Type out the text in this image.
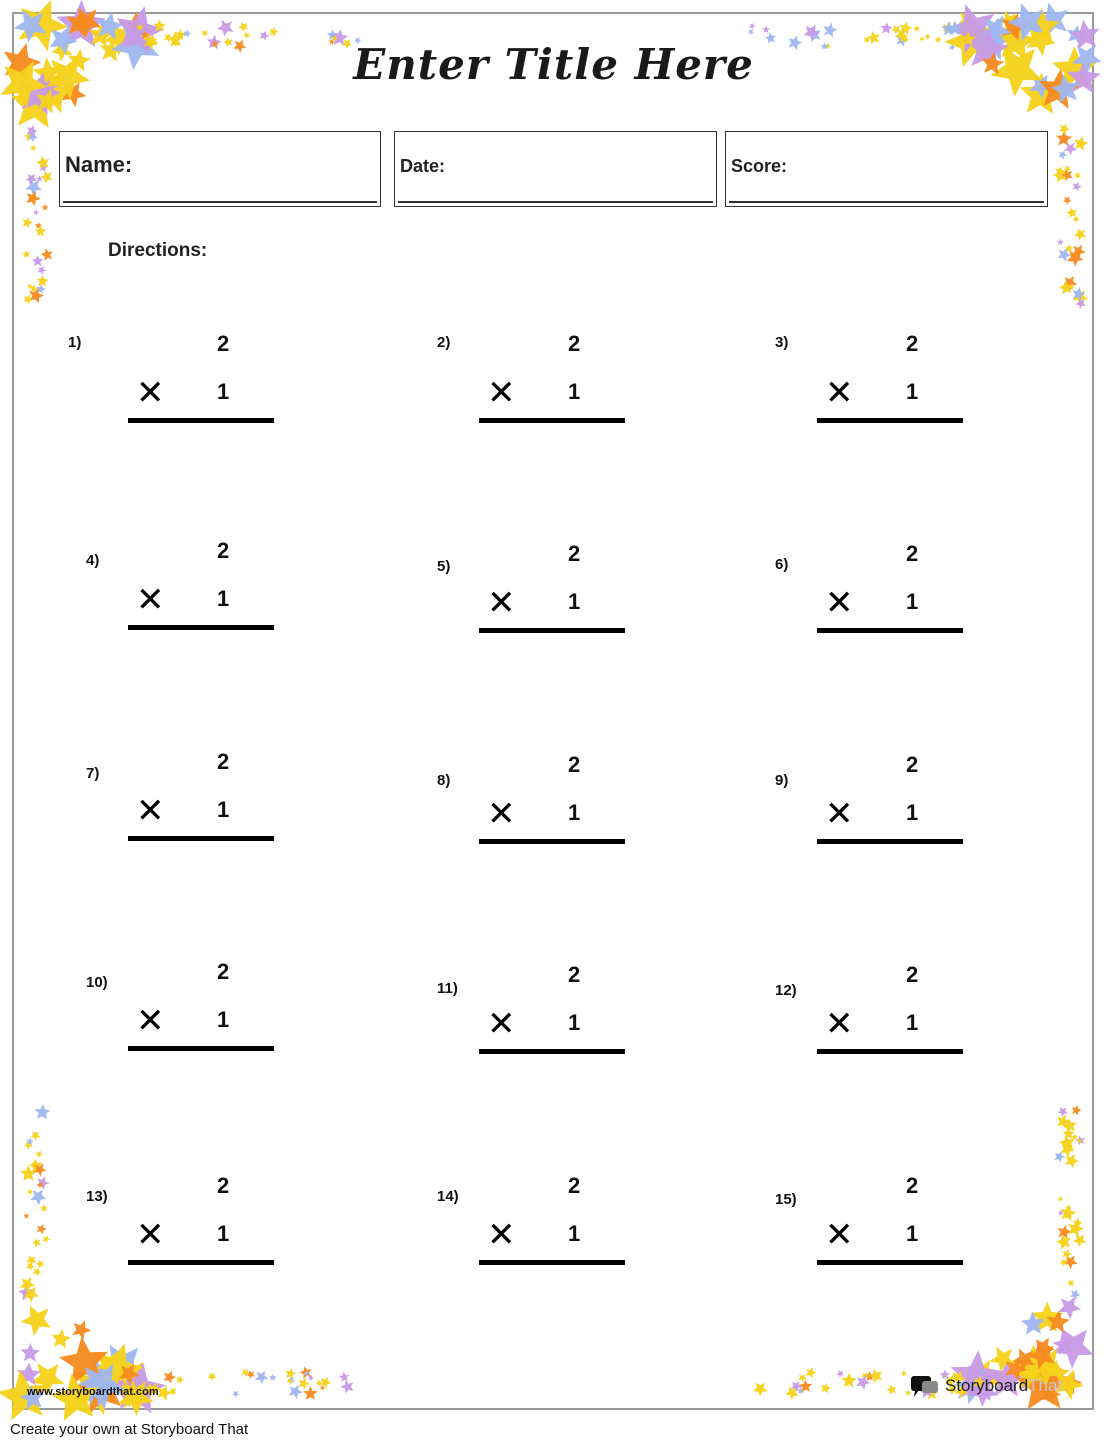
Enter Title Here
Name:	Date:	Score:
Directions:
1)	2
✕ 1
2)	2
✕ 1
3)	2
✕ 1
4)	2
✕ 1
5)
2
✕ 1
6)	2
✕ 1
7)	2
✕ 1
8)
2
✕ 1
9)
2
✕ 1
10)	2
✕ 1
11)
2
✕ 1
12)
2
✕ 1
13)	2
✕ 1
14)	2
✕ 1
15)
2
✕ 1
www.storyboardthat.com	StoryboardThat
Create your own at Storyboard That
